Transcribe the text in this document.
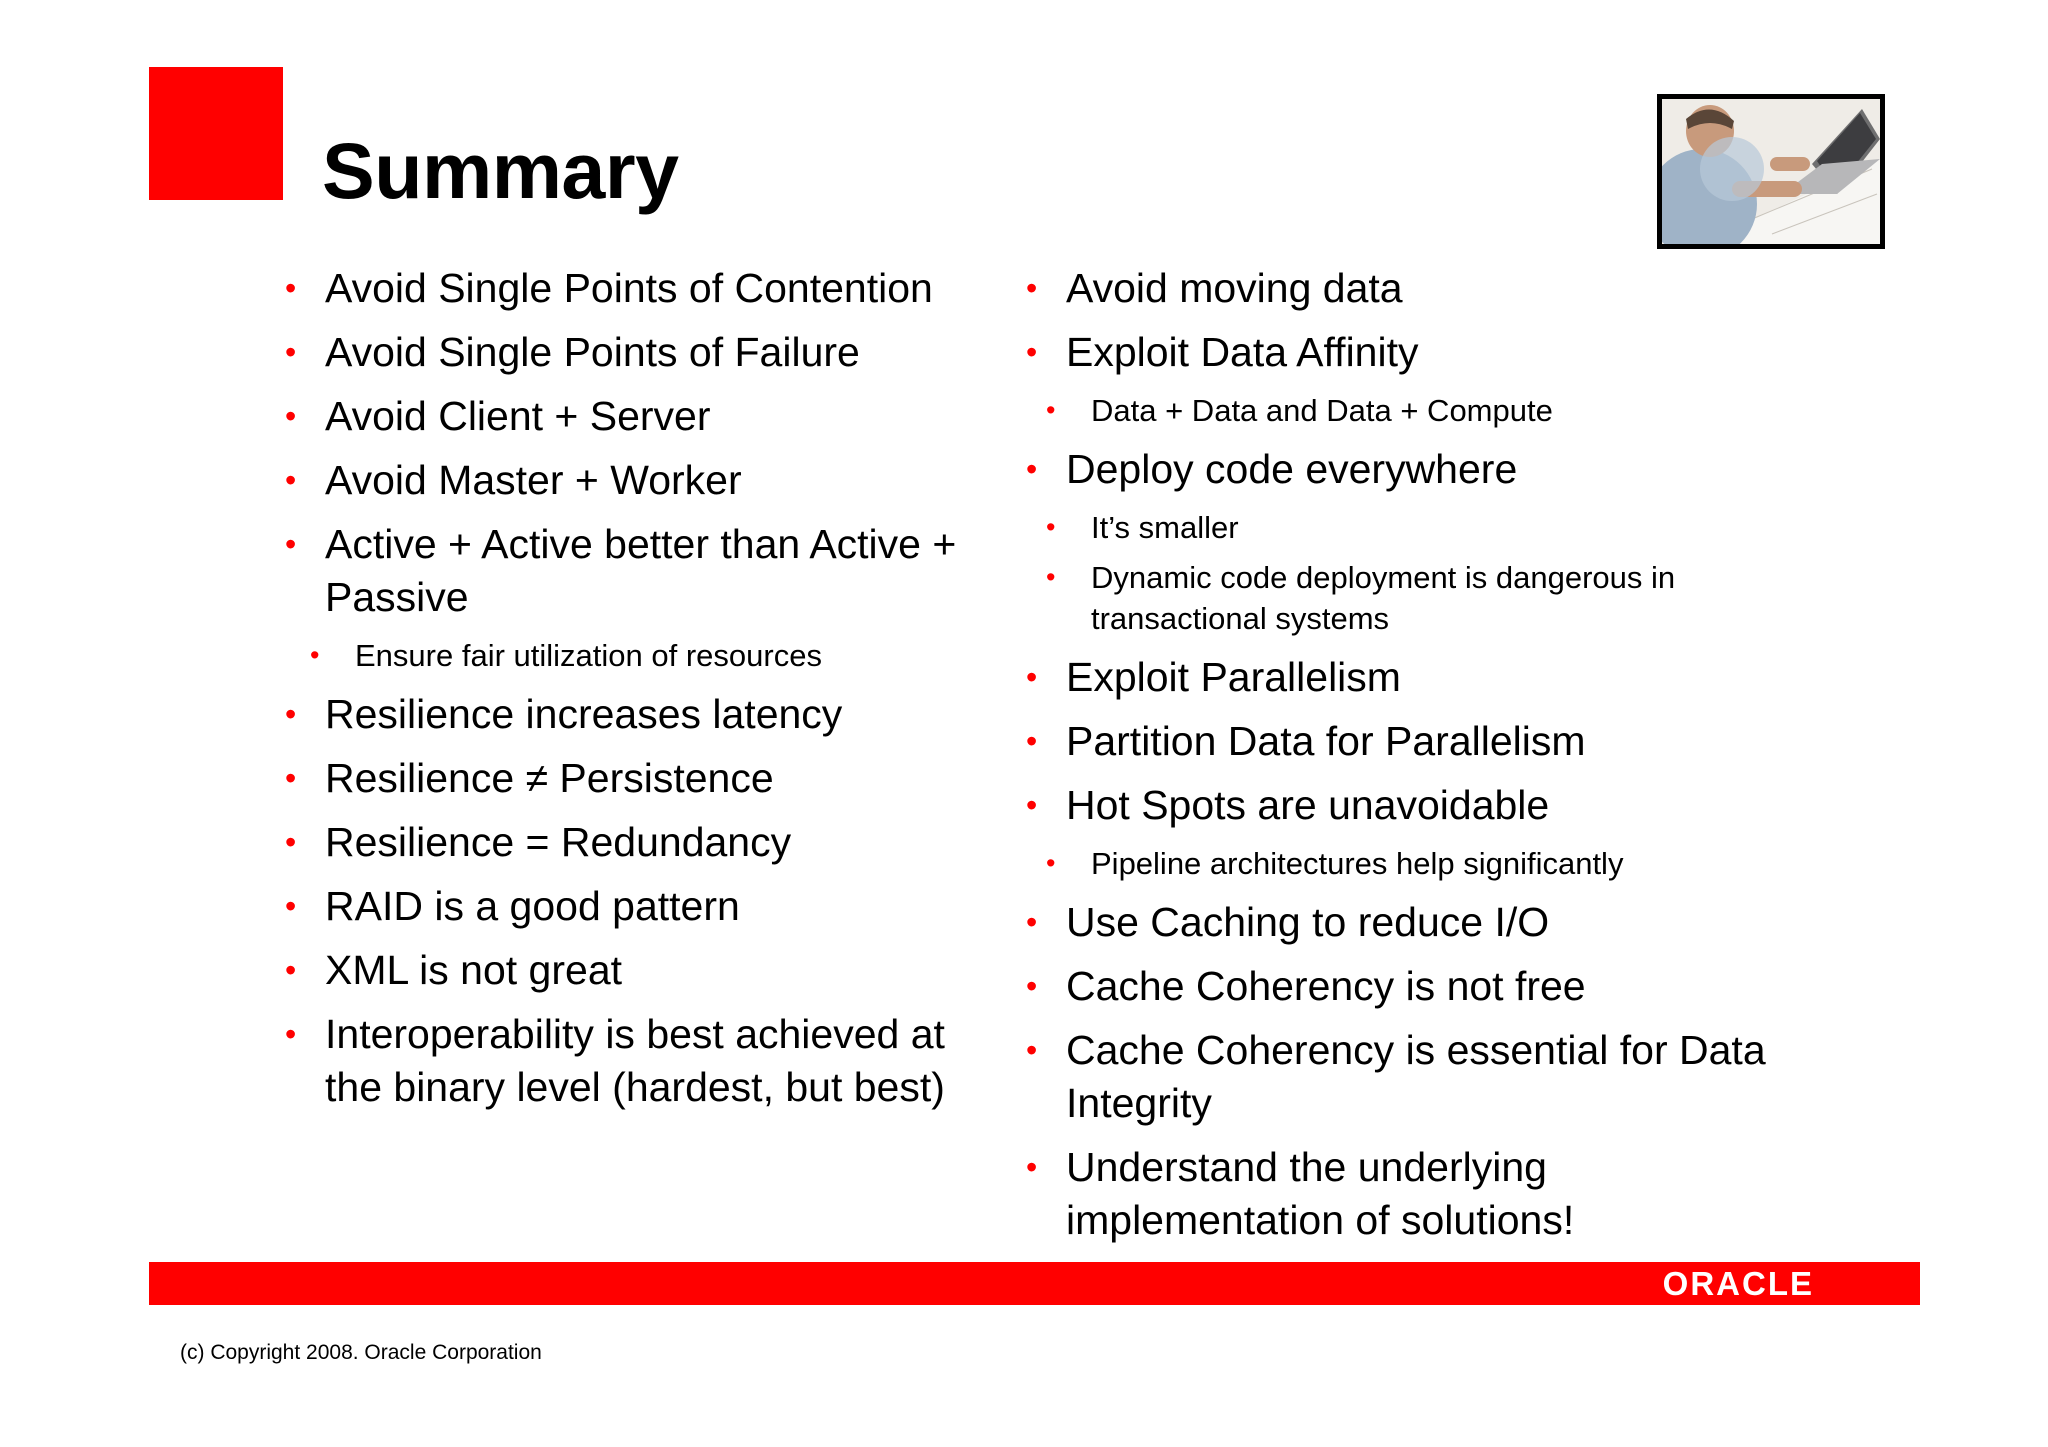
Summary
• Avoid Single Points of Contention
• Avoid Single Points of Failure
• Avoid Client + Server
• Avoid Master + Worker
• Active + Active better than Active + Passive
• Ensure fair utilization of resources
• Resilience increases latency
• Resilience ≠ Persistence
• Resilience = Redundancy
• RAID is a good pattern
• XML is not great
• Interoperability is best achieved at the binary level (hardest, but best)
• Avoid moving data
• Exploit Data Affinity
• Data + Data and Data + Compute
• Deploy code everywhere
• It’s smaller
• Dynamic code deployment is dangerous in transactional systems
• Exploit Parallelism
• Partition Data for Parallelism
• Hot Spots are unavoidable
• Pipeline architectures help significantly
• Use Caching to reduce I/O
• Cache Coherency is not free
• Cache Coherency is essential for Data Integrity
• Understand the underlying implementation of solutions!
ORACLE
(c) Copyright 2008. Oracle Corporation
